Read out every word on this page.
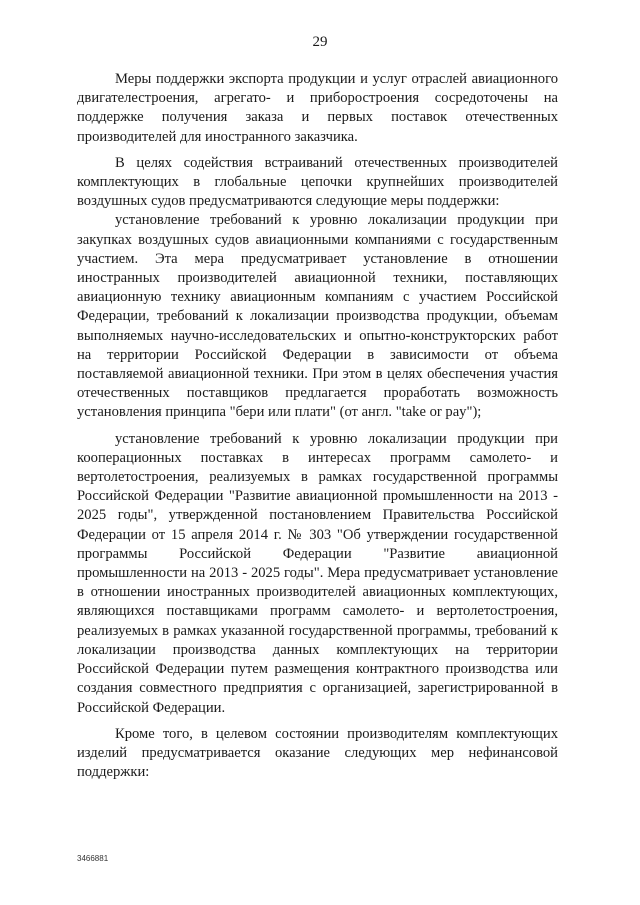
29

Меры поддержки экспорта продукции и услуг отраслей авиационного двигателестроения, агрегато- и приборостроения сосредоточены на поддержке получения заказа и первых поставок отечественных производителей для иностранного заказчика.

В целях содействия встраиваний отечественных производителей комплектующих в глобальные цепочки крупнейших производителей воздушных судов предусматриваются следующие меры поддержки:

установление требований к уровню локализации продукции при закупках воздушных судов авиационными компаниями с государственным участием. Эта мера предусматривает установление в отношении иностранных производителей авиационной техники, поставляющих авиационную технику авиационным компаниям с участием Российской Федерации, требований к локализации производства продукции, объемам выполняемых научно-исследовательских и опытно-конструкторских работ на территории Российской Федерации в зависимости от объема поставляемой авиационной техники. При этом в целях обеспечения участия отечественных поставщиков предлагается проработать возможность установления принципа "бери или плати" (от англ. "take or pay");

установление требований к уровню локализации продукции при кооперационных поставках в интересах программ самолето- и вертолетостроения, реализуемых в рамках государственной программы Российской Федерации "Развитие авиационной промышленности на 2013 - 2025 годы", утвержденной постановлением Правительства Российской Федерации от 15 апреля 2014 г. № 303 "Об утверждении государственной программы Российской Федерации "Развитие авиационной промышленности на 2013 - 2025 годы". Мера предусматривает установление в отношении иностранных производителей авиационных комплектующих, являющихся поставщиками программ самолето- и вертолетостроения, реализуемых в рамках указанной государственной программы, требований к локализации производства данных комплектующих на территории Российской Федерации путем размещения контрактного производства или создания совместного предприятия с организацией, зарегистрированной в Российской Федерации.

Кроме того, в целевом состоянии производителям комплектующих изделий предусматривается оказание следующих мер нефинансовой поддержки:

3466881
